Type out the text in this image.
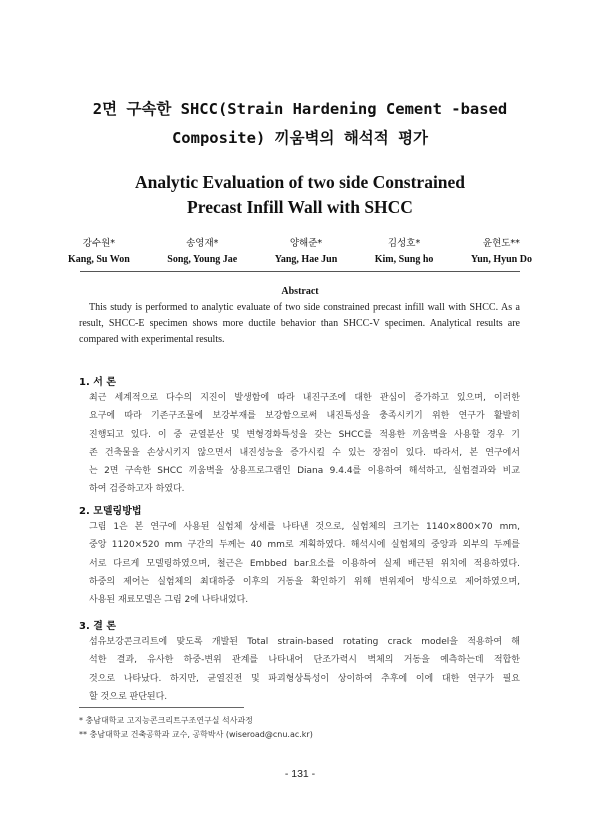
2면 구속한 SHCC(Strain Hardening Cement -based
Composite) 끼움벽의 해석적 평가
Analytic Evaluation of two side Constrained
Precast Infill Wall with SHCC
강수원*
Kang, Su Won
송영재*
Song, Young Jae
양해준*
Yang, Hae Jun
김성호*
Kim, Sung ho
윤현도**
Yun, Hyun Do
Abstract
This study is performed to analytic evaluate of two side constrained precast infill wall with SHCC. As a result, SHCC-E specimen shows more ductile behavior than SHCC-V specimen. Analytical results are compared with experimental results.
1. 서 론
최근 세계적으로 다수의 지진이 발생함에 따라 내진구조에 대한 관심이 증가하고 있으며, 이러한
요구에 따라 기존구조물에 보강부재를 보강함으로써 내진특성을 충족시키기 위한 연구가 활발히
진행되고 있다. 이 중 균열분산 및 변형경화특성을 갖는 SHCC를 적용한 끼움벽을 사용할 경우 기
존 건축물을 손상시키지 않으면서 내진성능을 증가시킬 수 있는 장점이 있다. 따라서, 본 연구에서
는 2면 구속한 SHCC 끼움벽을 상용프로그램인 Diana 9.4.4를 이용하여 해석하고, 실험결과와 비교
하여 검증하고자 하였다.
2. 모델링방법
그림 1은 본 연구에 사용된 실험체 상세를 나타낸 것으로, 실험체의 크기는 1140×800×70 mm,
중앙 1120×520 mm 구간의 두께는 40 mm로 계획하였다. 해석시에 실험체의 중앙과 외부의 두께를
서로 다르게 모델링하였으며, 철근은 Embbed bar요소를 이용하여 실제 배근된 위치에 적용하였다.
하중의 제어는 실험체의 최대하중 이후의 거동을 확인하기 위해 변위제어 방식으로 제어하였으며,
사용된 재료모델은 그림 2에 나타내었다.
3. 결 론
섬유보강콘크리트에 맞도록 개발된 Total strain-based rotating crack model을 적용하여 해
석한 결과, 유사한 하중-변위 관계를 나타내어 단조가력시 벽체의 거동을 예측하는데 적합한
것으로 나타났다. 하지만, 균열진전 및 파괴형상특성이 상이하여 추후에 이에 대한 연구가 필요
할 것으로 판단된다.
* 충남대학교 고지능콘크리트구조연구실 석사과정
** 충남대학교 건축공학과 교수, 공학박사 (wiseroad@cnu.ac.kr)
- 131 -
